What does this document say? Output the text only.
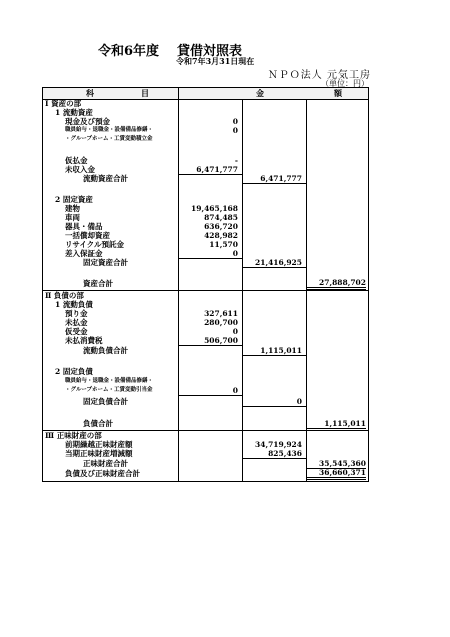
令和6年度 貸借対照表
令和7年3月31日現在
ＮＰＯ法人 元気工房
（単位：円）
科	目	金	額
Ⅰ 資産の部
1 流動資産
現金及び預金	0
職員給与・退職金・設備備品修繕・	0
・グループホーム・工賃変動積立金
仮払金	-
未収入金	6,471,777
流動資産合計	6,471,777
2 固定資産
建物	19,465,168
車両	874,485
器具・備品	636,720
一括償却資産	428,982
リサイクル預託金	11,570
差入保証金	0
固定資産合計	21,416,925
資産合計	27,888,702
Ⅱ 負債の部
1 流動負債
預り金	327,611
未払金	280,700
仮受金	0
未払消費税	506,700
流動負債合計	1,115,011
2 固定負債
職員給与・退職金・設備備品修繕・
・グループホーム・工賃変動引当金	0
固定負債合計	0
負債合計	1,115,011
Ⅲ 正味財産の部
前期繰越正味財産額	34,719,924
当期正味財産増減額	825,436
正味財産合計	35,545,360
負債及び正味財産合計	36,660,371
